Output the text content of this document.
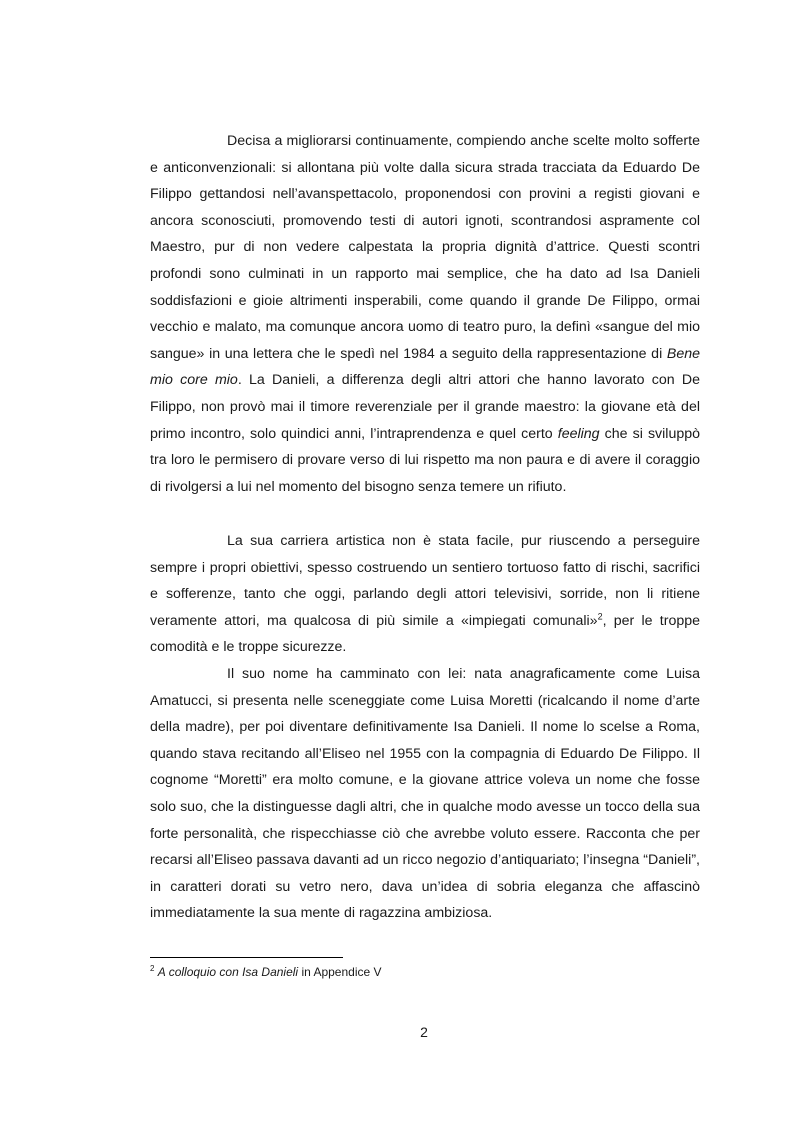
Decisa a migliorarsi continuamente, compiendo anche scelte molto sofferte e anticonvenzionali: si allontana più volte dalla sicura strada tracciata da Eduardo De Filippo gettandosi nell’avanspettacolo, proponendosi con provini a registi giovani e ancora sconosciuti, promovendo testi di autori ignoti, scontrandosi aspramente col Maestro, pur di non vedere calpestata la propria dignità d’attrice. Questi scontri profondi sono culminati in un rapporto mai semplice, che ha dato ad Isa Danieli soddisfazioni e gioie altrimenti insperabili, come quando il grande De Filippo, ormai vecchio e malato, ma comunque ancora uomo di teatro puro, la definì «sangue del mio sangue» in una lettera che le spedì nel 1984 a seguito della rappresentazione di Bene mio core mio. La Danieli, a differenza degli altri attori che hanno lavorato con De Filippo, non provò mai il timore reverenziale per il grande maestro: la giovane età del primo incontro, solo quindici anni, l’intraprendenza e quel certo feeling che si sviluppò tra loro le permisero di provare verso di lui rispetto ma non paura e di avere il coraggio di rivolgersi a lui nel momento del bisogno senza temere un rifiuto.

La sua carriera artistica non è stata facile, pur riuscendo a perseguire sempre i propri obiettivi, spesso costruendo un sentiero tortuoso fatto di rischi, sacrifici e sofferenze, tanto che oggi, parlando degli attori televisivi, sorride, non li ritiene veramente attori, ma qualcosa di più simile a «impiegati comunali»$^2$, per le troppe comodità e le troppe sicurezze.

Il suo nome ha camminato con lei: nata anagraficamente come Luisa Amatucci, si presenta nelle sceneggiate come Luisa Moretti (ricalcando il nome d’arte della madre), per poi diventare definitivamente Isa Danieli. Il nome lo scelse a Roma, quando stava recitando all’Eliseo nel 1955 con la compagnia di Eduardo De Filippo. Il cognome “Moretti” era molto comune, e la giovane attrice voleva un nome che fosse solo suo, che la distinguesse dagli altri, che in qualche modo avesse un tocco della sua forte personalità, che rispecchiasse ciò che avrebbe voluto essere. Racconta che per recarsi all’Eliseo passava davanti ad un ricco negozio d’antiquariato; l’insegna “Danieli”, in caratteri dorati su vetro nero, dava un’idea di sobria eleganza che affascinò immediatamente la sua mente di ragazzina ambiziosa.

$^2$ A colloquio con Isa Danieli in Appendice V
2
